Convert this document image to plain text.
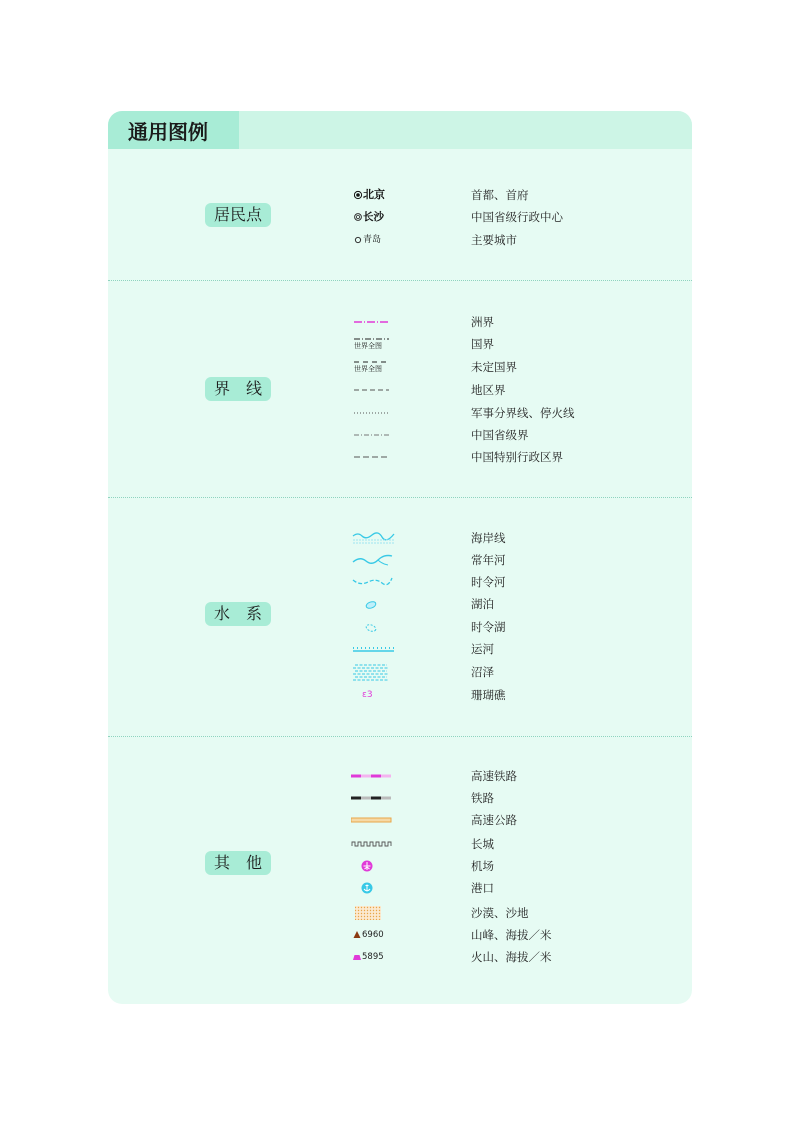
通用图例
居民点
北京	首都、首府
长沙	中国省级行政中心
青岛	主要城市
界　线
洲界
世界全图	国界
世界全图	未定国界
地区界
军事分界线、停火线
中国省级界
中国特别行政区界
水　系
海岸线
常年河
时令河
湖泊
时令湖
运河
沼泽
ε3	珊瑚礁
其　他
高速铁路
铁路
高速公路
长城
机场
港口
沙漠、沙地
6960	山峰、海拔／米
5895	火山、海拔／米
